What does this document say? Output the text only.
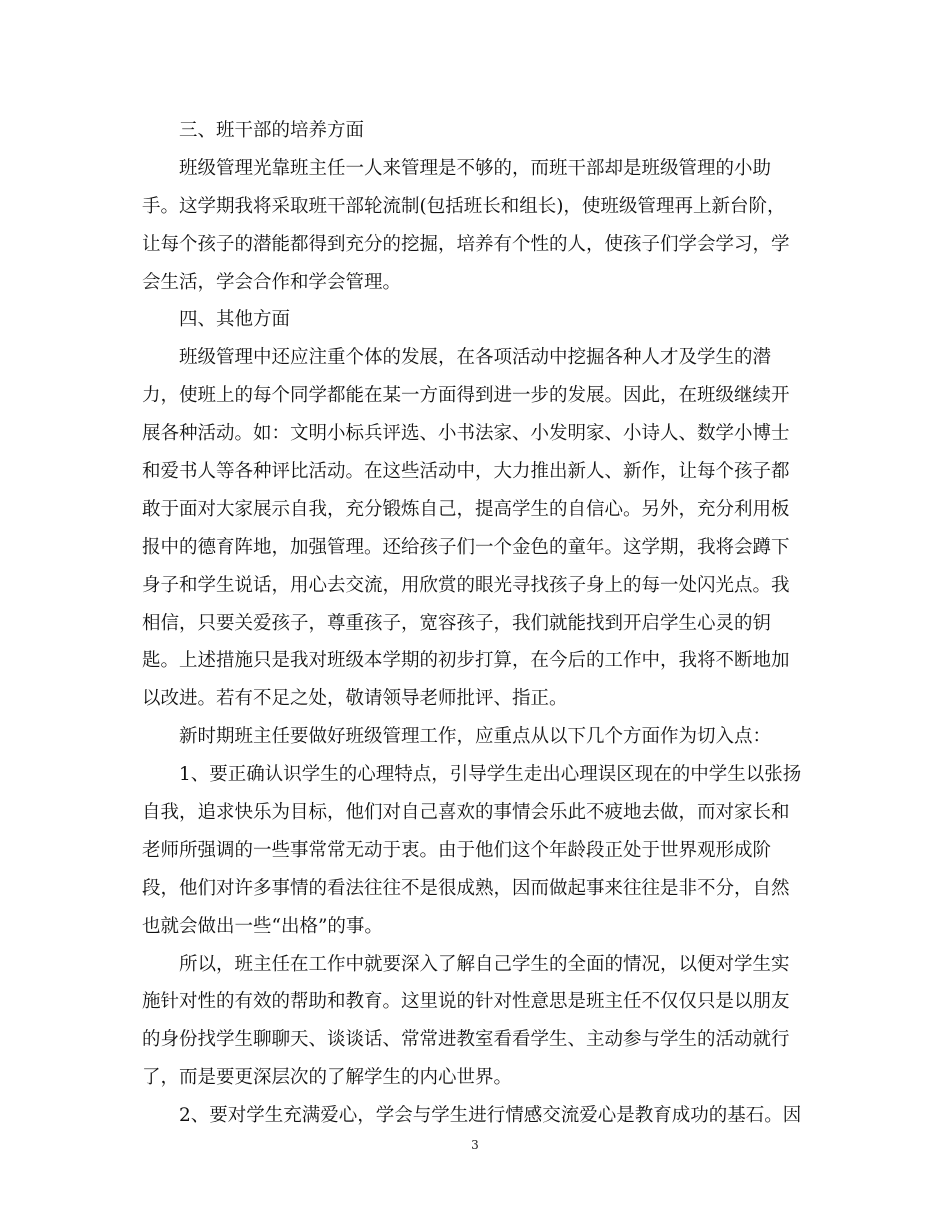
三、班干部的培养方面
班级管理光靠班主任一人来管理是不够的，而班干部却是班级管理的小助
手。这学期我将采取班干部轮流制(包括班长和组长)，使班级管理再上新台阶，
让每个孩子的潜能都得到充分的挖掘，培养有个性的人，使孩子们学会学习，学
会生活，学会合作和学会管理。
四、其他方面
班级管理中还应注重个体的发展，在各项活动中挖掘各种人才及学生的潜
力，使班上的每个同学都能在某一方面得到进一步的发展。因此，在班级继续开
展各种活动。如：文明小标兵评选、小书法家、小发明家、小诗人、数学小博士
和爱书人等各种评比活动。在这些活动中，大力推出新人、新作，让每个孩子都
敢于面对大家展示自我，充分锻炼自己，提高学生的自信心。另外，充分利用板
报中的德育阵地，加强管理。还给孩子们一个金色的童年。这学期，我将会蹲下
身子和学生说话，用心去交流，用欣赏的眼光寻找孩子身上的每一处闪光点。我
相信，只要关爱孩子，尊重孩子，宽容孩子，我们就能找到开启学生心灵的钥
匙。上述措施只是我对班级本学期的初步打算，在今后的工作中，我将不断地加
以改进。若有不足之处，敬请领导老师批评、指正。
新时期班主任要做好班级管理工作，应重点从以下几个方面作为切入点：
1、要正确认识学生的心理特点，引导学生走出心理误区现在的中学生以张扬
自我，追求快乐为目标，他们对自己喜欢的事情会乐此不疲地去做，而对家长和
老师所强调的一些事常常无动于衷。由于他们这个年龄段正处于世界观形成阶
段，他们对许多事情的看法往往不是很成熟，因而做起事来往往是非不分，自然
也就会做出一些“出格”的事。
所以，班主任在工作中就要深入了解自己学生的全面的情况，以便对学生实
施针对性的有效的帮助和教育。这里说的针对性意思是班主任不仅仅只是以朋友
的身份找学生聊聊天、谈谈话、常常进教室看看学生、主动参与学生的活动就行
了，而是要更深层次的了解学生的内心世界。
2、要对学生充满爱心，学会与学生进行情感交流爱心是教育成功的基石。因
3
